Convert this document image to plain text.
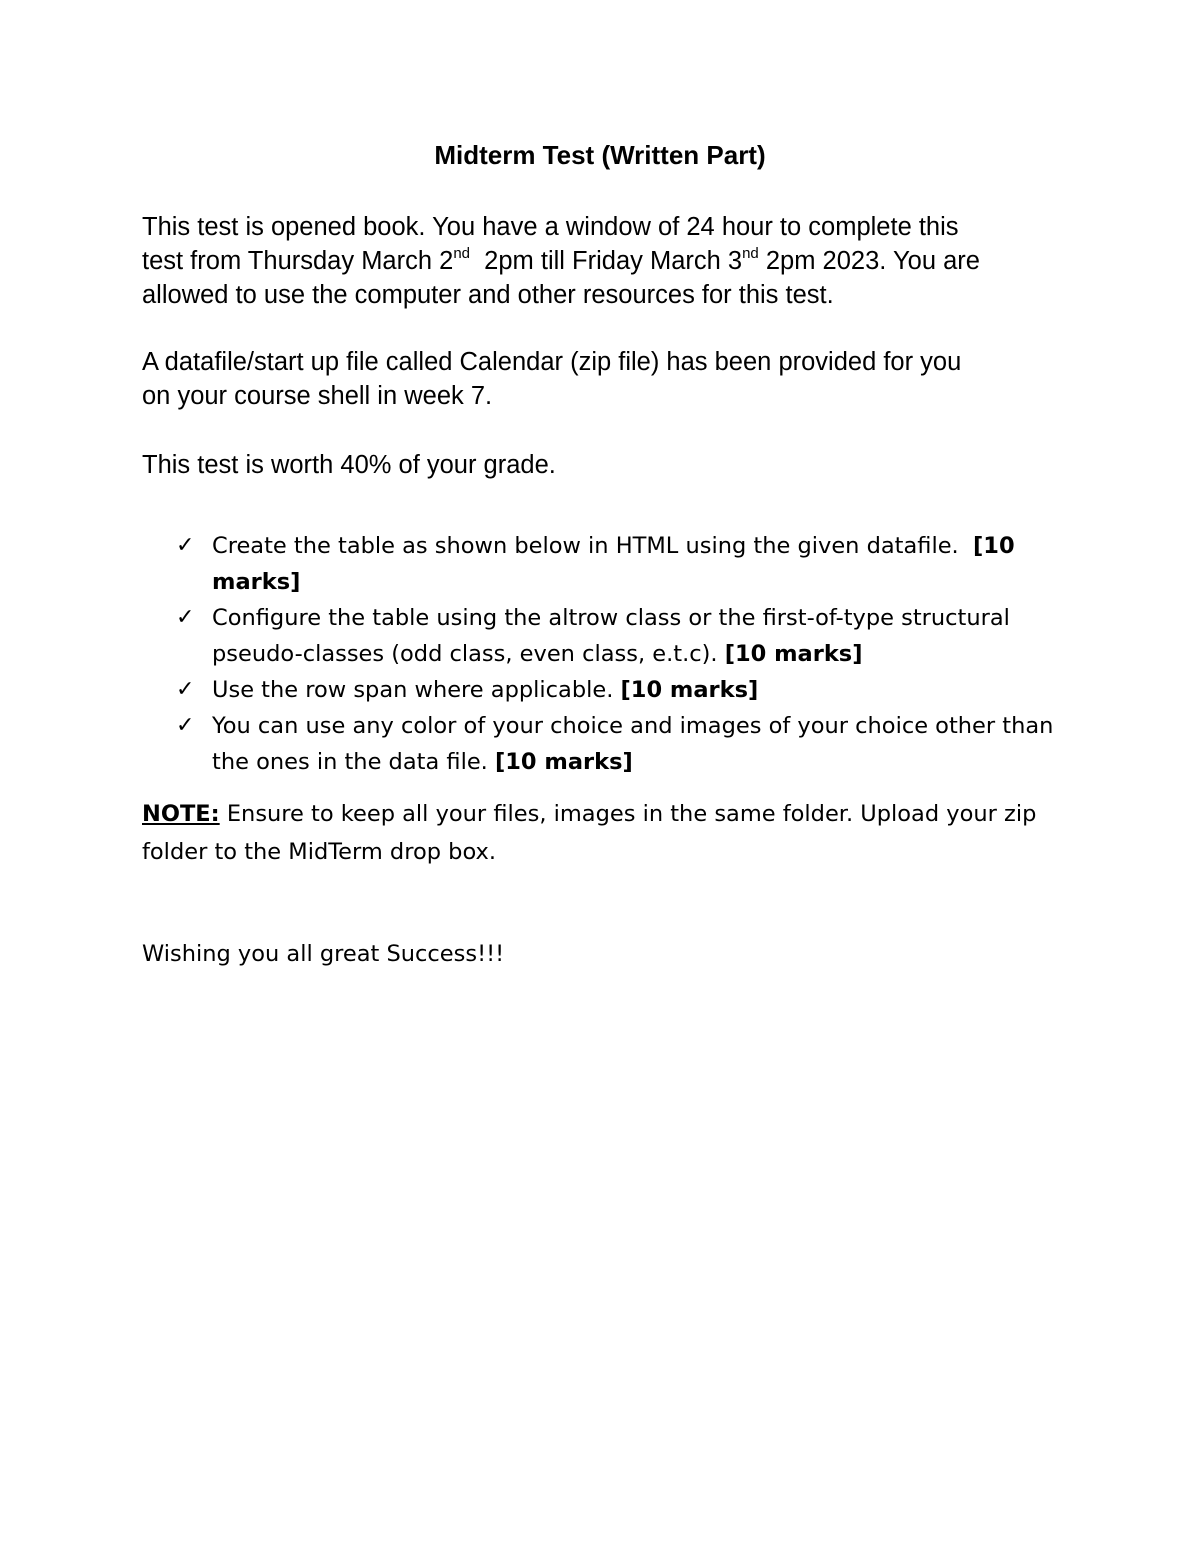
Midterm Test (Written Part)
This test is opened book. You have a window of 24 hour to complete this
test from Thursday March 2nd  2pm till Friday March 3nd 2pm 2023. You are
allowed to use the computer and other resources for this test.
A datafile/start up file called Calendar (zip file) has been provided for you
on your course shell in week 7.
This test is worth 40% of your grade.
✓ Create the table as shown below in HTML using the given datafile.  [10
marks]
✓ Configure the table using the altrow class or the first-of-type structural
pseudo-classes (odd class, even class, e.t.c). [10 marks]
✓ Use the row span where applicable. [10 marks]
✓ You can use any color of your choice and images of your choice other than
the ones in the data file. [10 marks]
NOTE: Ensure to keep all your files, images in the same folder. Upload your zip
folder to the MidTerm drop box.
Wishing you all great Success!!!
